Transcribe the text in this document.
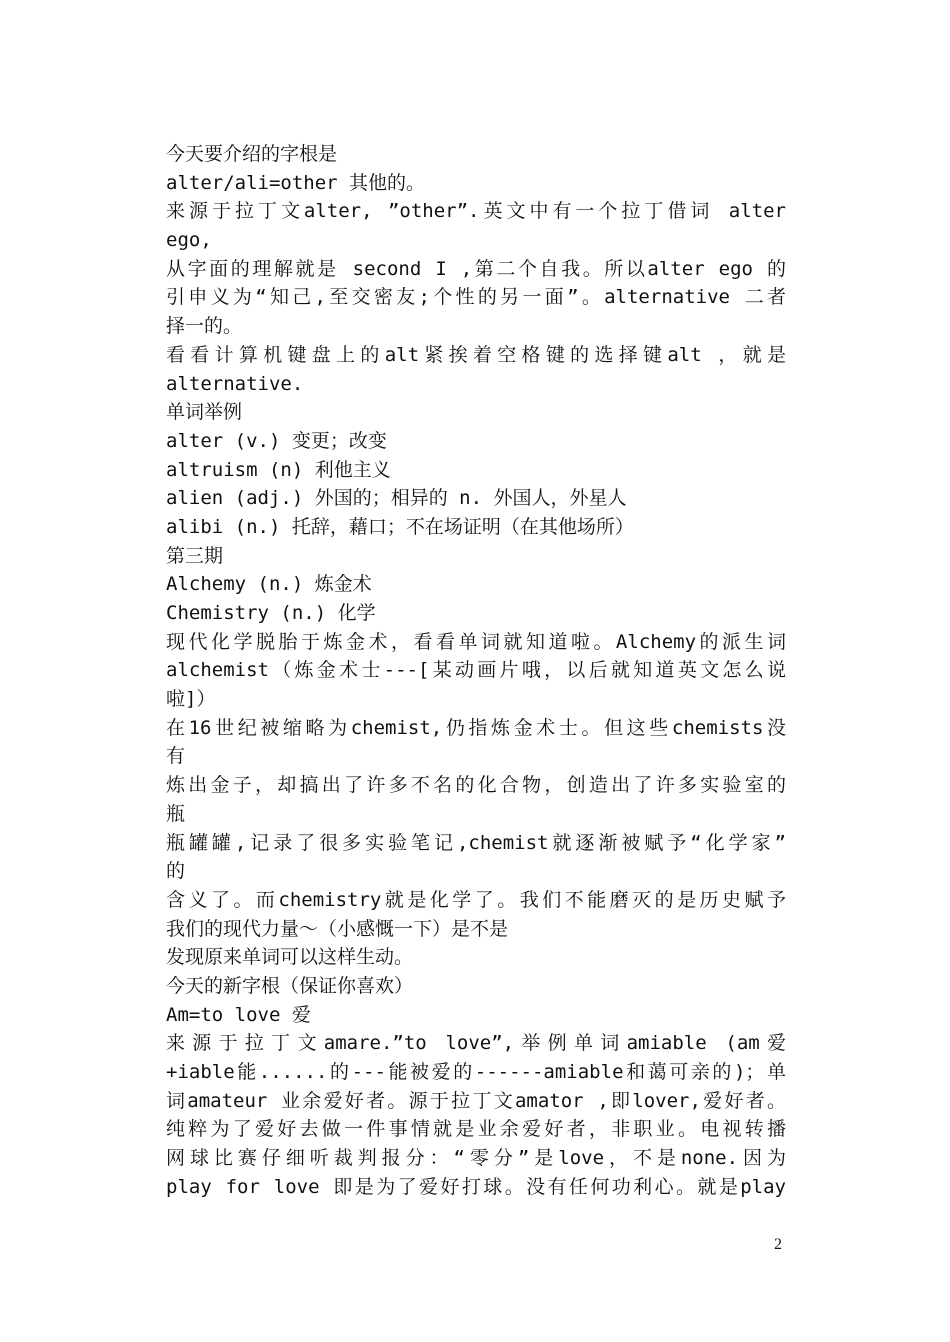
今天要介绍的字根是
alter/ali=other 其他的。
来源于拉丁文alter, ”other”.英文中有一个拉丁借词 alter
ego,
从字面的理解就是 second I ,第二个自我。所以alter ego 的
引申义为“知己,至交密友;个性的另一面”。alternative 二者
择一的。
看看计算机键盘上的alt紧挨着空格键的选择键alt ，就是
alternative.
单词举例
alter (v.) 变更；改变
altruism (n) 利他主义
alien (adj.) 外国的；相异的 n. 外国人，外星人
alibi (n.) 托辞，藉口；不在场证明（在其他场所）
第三期
Alchemy (n.) 炼金术
Chemistry (n.) 化学
现代化学脱胎于炼金术，看看单词就知道啦。Alchemy的派生词
alchemist（炼金术士---[某动画片哦，以后就知道英文怎么说
啦]）
在16世纪被缩略为chemist,仍指炼金术士。但这些chemists没
有
炼出金子，却搞出了许多不名的化合物，创造出了许多实验室的
瓶
瓶罐罐,记录了很多实验笔记,chemist就逐渐被赋予“化学家”
的
含义了。而chemistry就是化学了。我们不能磨灭的是历史赋予
我们的现代力量～（小感慨一下）是不是
发现原来单词可以这样生动。
今天的新字根（保证你喜欢）
Am=to love 爱
来源于拉丁文amare.”to love”,举例单词amiable (am爱
+iable能......的---能被爱的------amiable和蔼可亲的)；单
词amateur 业余爱好者。源于拉丁文amator ,即lover,爱好者。
纯粹为了爱好去做一件事情就是业余爱好者，非职业。电视转播
网球比赛仔细听裁判报分：“零分”是love，不是none.因为
play for love 即是为了爱好打球。没有任何功利心。就是play
2
